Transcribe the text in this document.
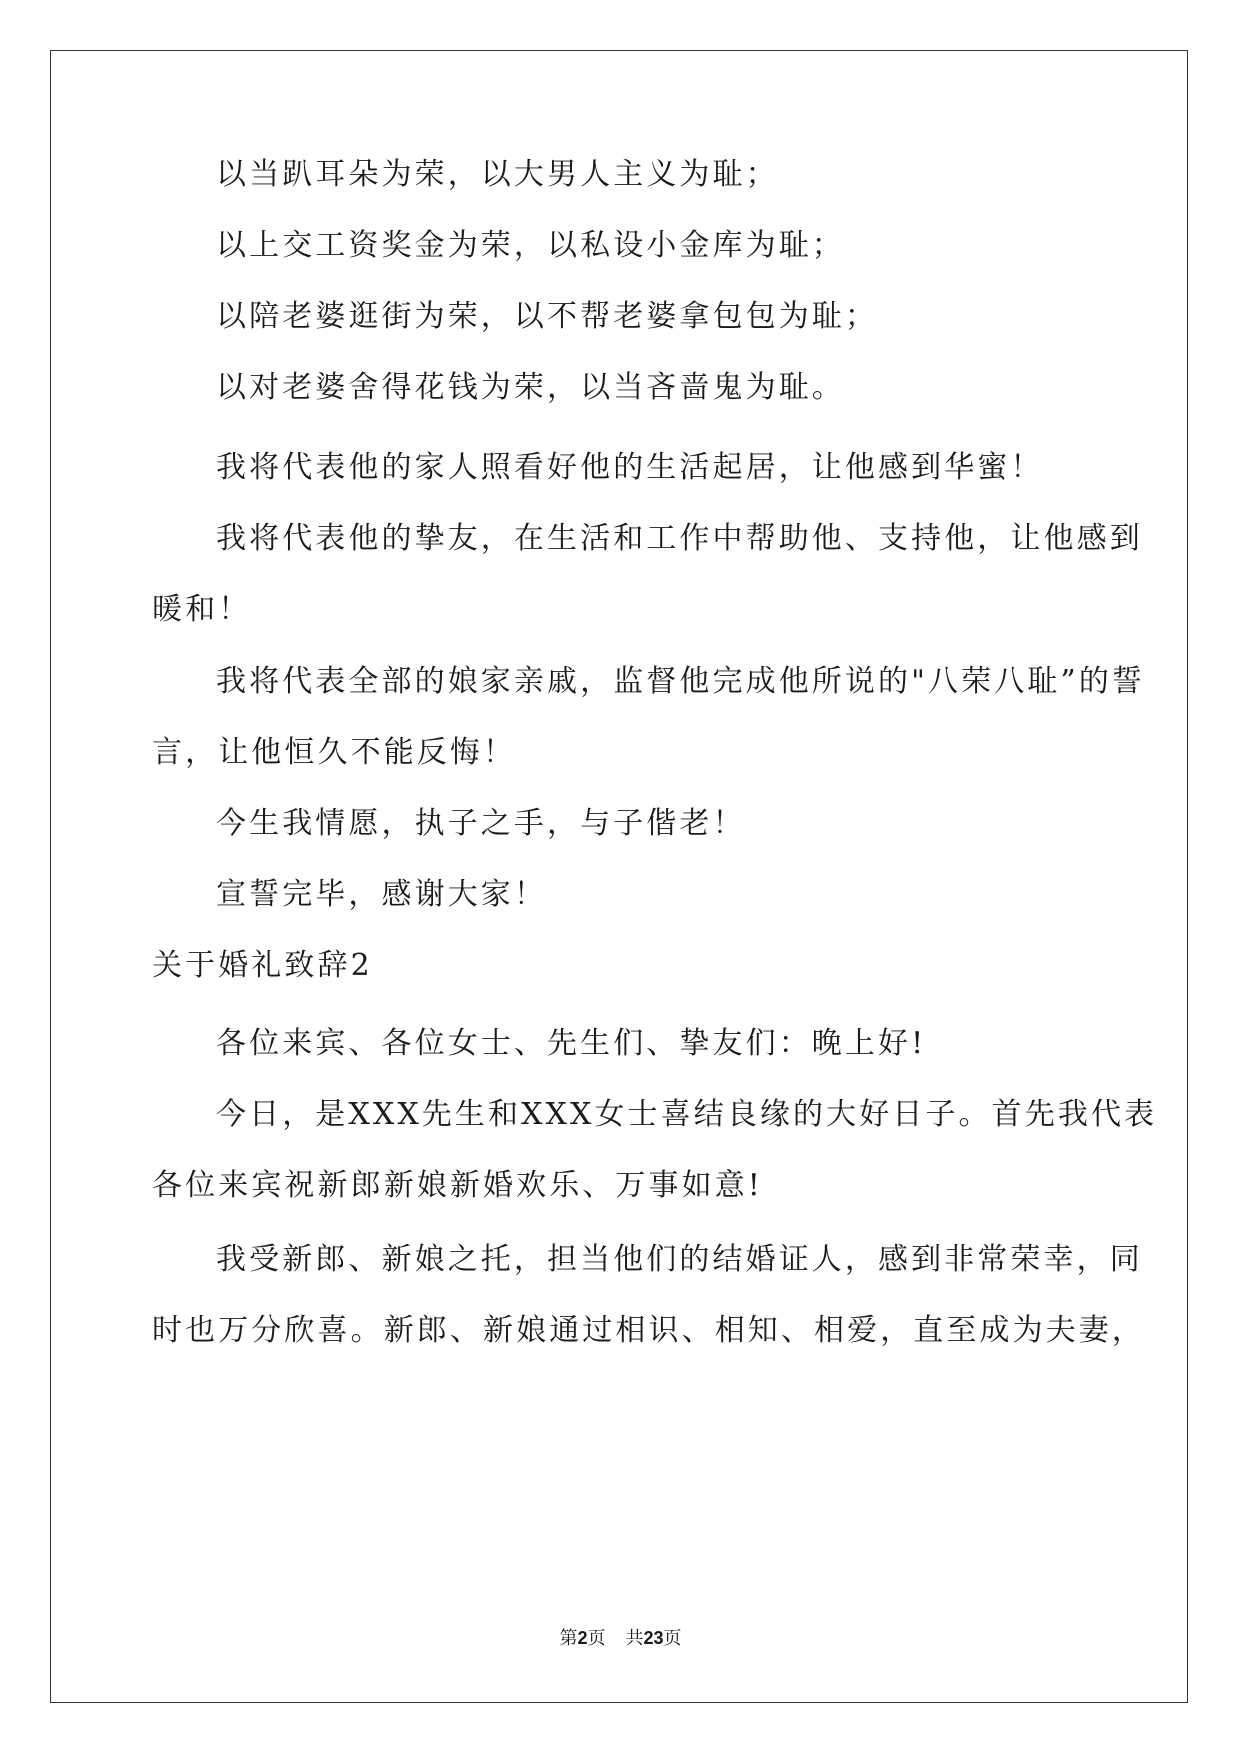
以当趴耳朵为荣，以大男人主义为耻；
以上交工资奖金为荣，以私设小金库为耻；
以陪老婆逛街为荣，以不帮老婆拿包包为耻；
以对老婆舍得花钱为荣，以当吝啬鬼为耻。
我将代表他的家人照看好他的生活起居，让他感到华蜜！
我将代表他的挚友，在生活和工作中帮助他、支持他，让他感到
暖和！
我将代表全部的娘家亲戚，监督他完成他所说的"八荣八耻”的誓
言，让他恒久不能反悔！
今生我情愿，执子之手，与子偕老！
宣誓完毕，感谢大家！
关于婚礼致辞2
各位来宾、各位女士、先生们、挚友们：晚上好!
今日，是XXX先生和XXX女士喜结良缘的大好日子。首先我代表
各位来宾祝新郎新娘新婚欢乐、万事如意!
我受新郎、新娘之托，担当他们的结婚证人，感到非常荣幸，同
时也万分欣喜。新郎、新娘通过相识、相知、相爱，直至成为夫妻，
第2页 共23页
